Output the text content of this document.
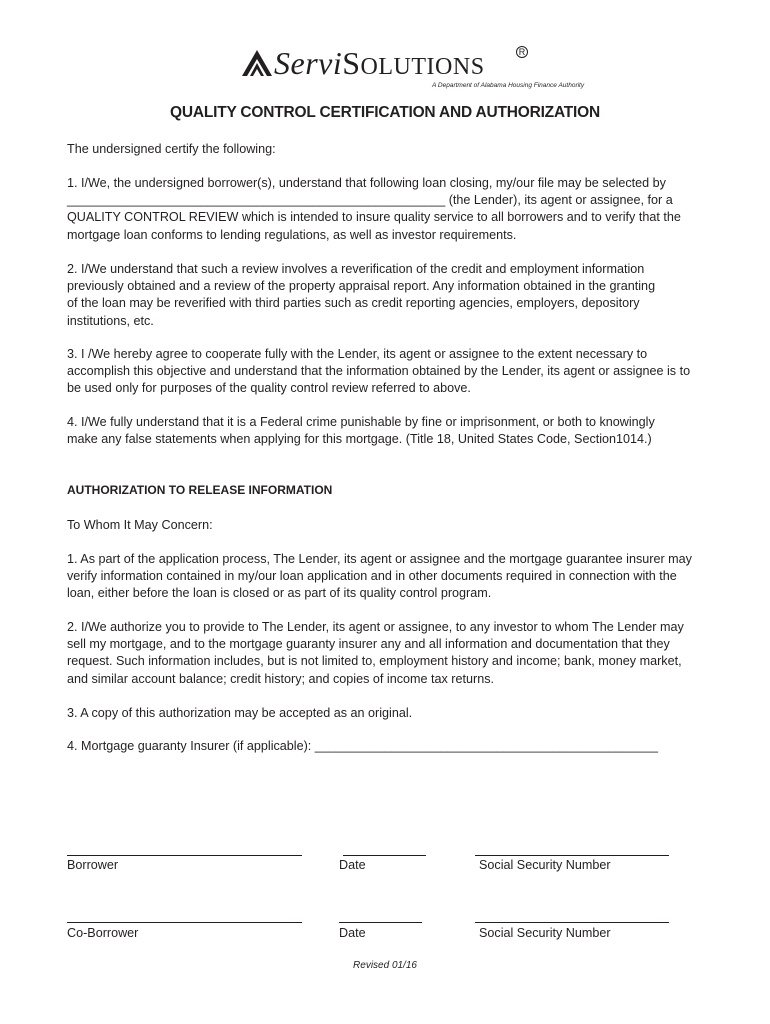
ServiSOLUTIONS
R
A Department of Alabama Housing Finance Authority
QUALITY CONTROL CERTIFICATION AND AUTHORIZATION
The undersigned certify the following:
1. I/We, the undersigned borrower(s), understand that following loan closing, my/our file may be selected by
______________________________________________________ (the Lender), its agent or assignee, for a
QUALITY CONTROL REVIEW which is intended to insure quality service to all borrowers and to verify that the
mortgage loan conforms to lending regulations, as well as investor requirements.
2. I/We understand that such a review involves a reverification of the credit and employment information
previously obtained and a review of the property appraisal report. Any information obtained in the granting
of the loan may be reverified with third parties such as credit reporting agencies, employers, depository
institutions, etc.
3. I /We hereby agree to cooperate fully with the Lender, its agent or assignee to the extent necessary to
accomplish this objective and understand that the information obtained by the Lender, its agent or assignee is to
be used only for purposes of the quality control review referred to above.
4. I/We fully understand that it is a Federal crime punishable by fine or imprisonment, or both to knowingly
make any false statements when applying for this mortgage. (Title 18, United States Code, Section1014.)
AUTHORIZATION TO RELEASE INFORMATION
To Whom It May Concern:
1. As part of the application process, The Lender, its agent or assignee and the mortgage guarantee insurer may
verify information contained in my/our loan application and in other documents required in connection with the
loan, either before the loan is closed or as part of its quality control program.
2. I/We authorize you to provide to The Lender, its agent or assignee, to any investor to whom The Lender may
sell my mortgage, and to the mortgage guaranty insurer any and all information and documentation that they
request. Such information includes, but is not limited to, employment history and income; bank, money market,
and similar account balance; credit history; and copies of income tax returns.
3. A copy of this authorization may be accepted as an original.
4. Mortgage guaranty Insurer (if applicable): _________________________________________________
Borrower	Date	Social Security Number
Co-Borrower	Date	Social Security Number
Revised 01/16
